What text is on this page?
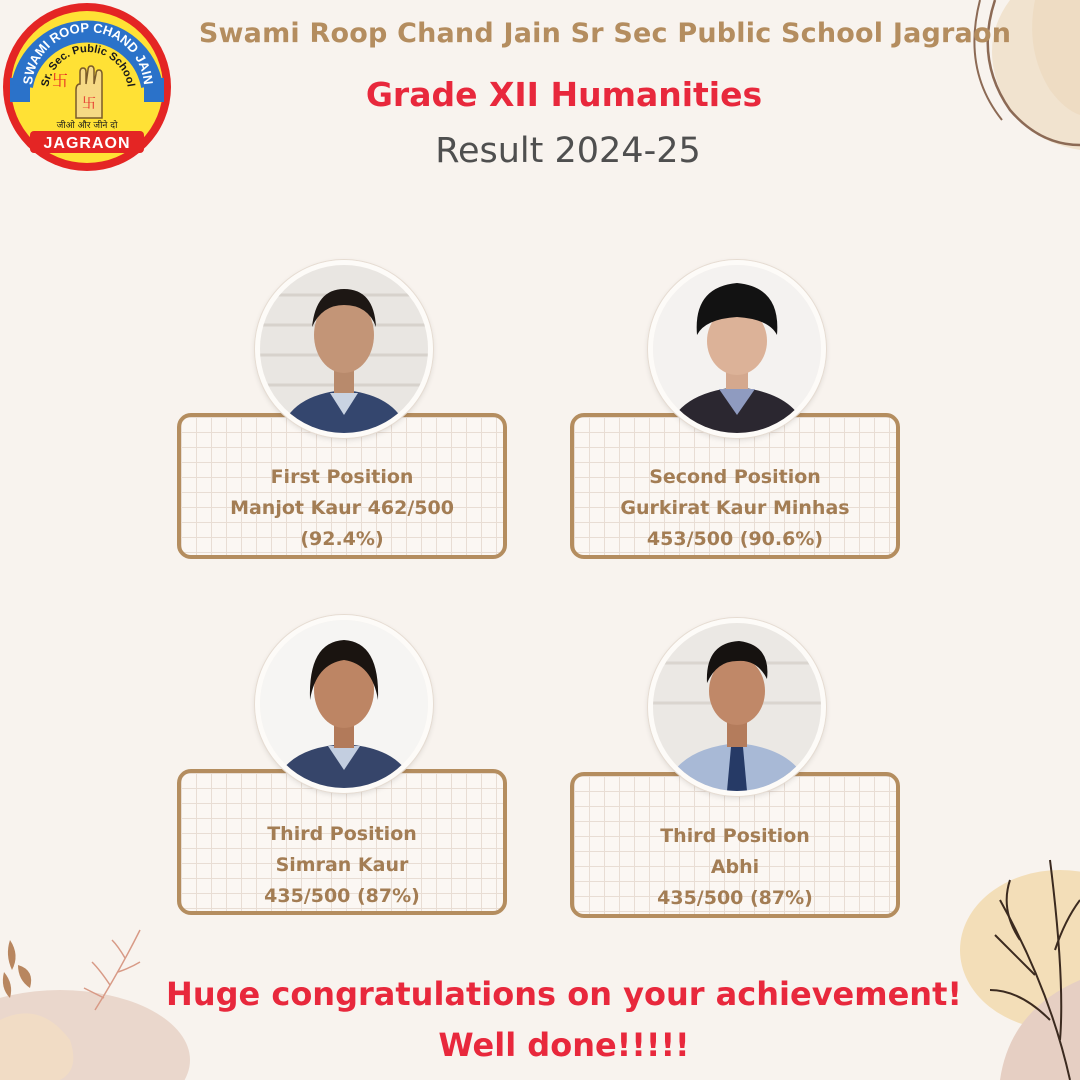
SWAMI ROOP CHAND JAIN
Sr. Sec. Public School
卐
卐
जीओ और जीने दो
JAGRAON
Swami Roop Chand Jain Sr Sec Public School Jagraon
Grade XII Humanities
Result 2024-25
First Position
Manjot Kaur 462/500
(92.4%)
Second Position
Gurkirat Kaur Minhas
453/500 (90.6%)
Third Position
Simran Kaur
435/500 (87%)
Third Position
Abhi
435/500 (87%)
Huge congratulations on your achievement!
Well done!!!!!
